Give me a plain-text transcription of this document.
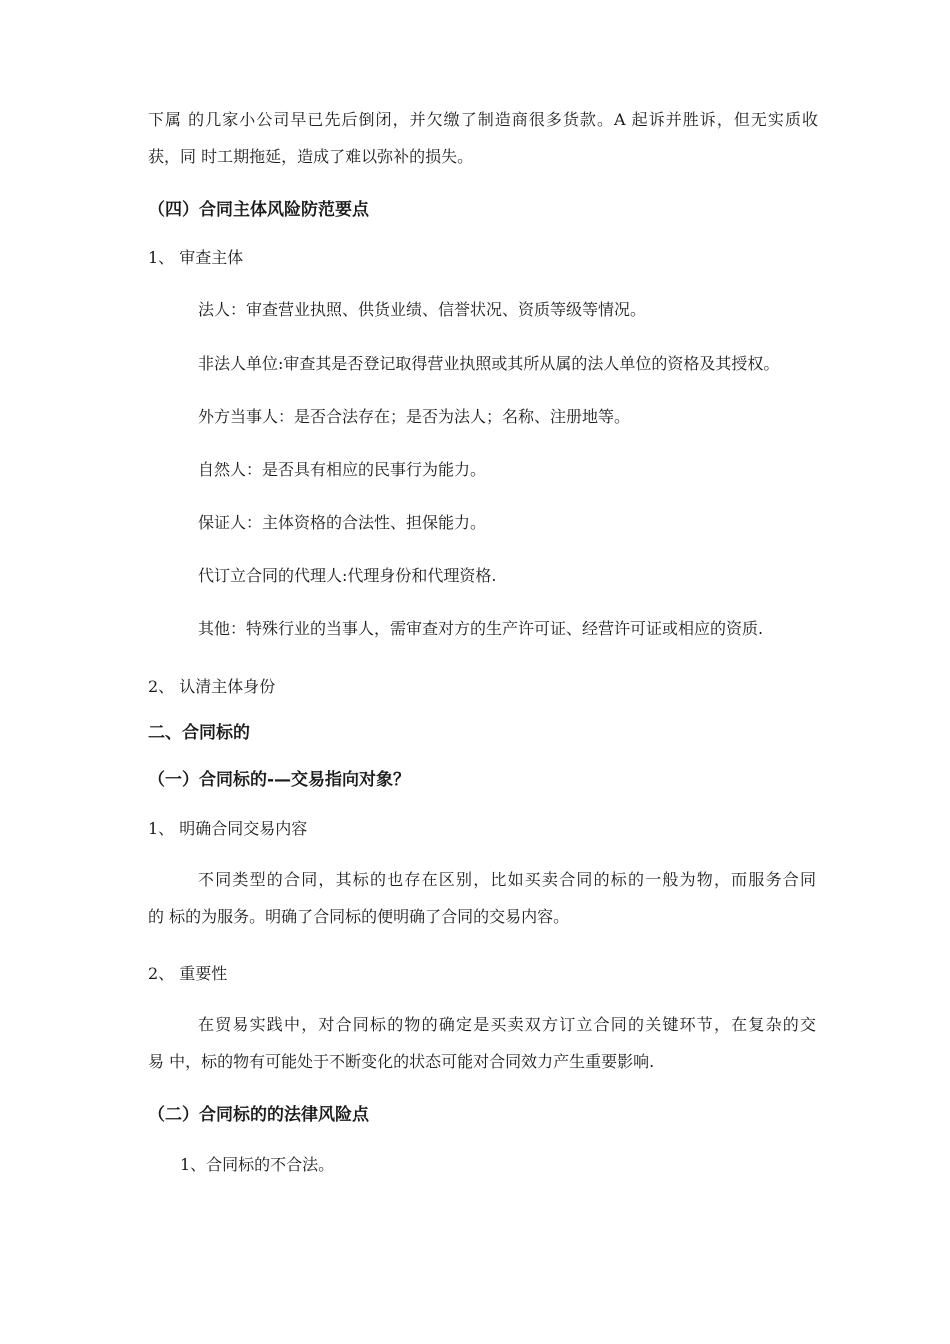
下属 的几家小公司早已先后倒闭，并欠缴了制造商很多货款。A 起诉并胜诉，但无实质收
获，同 时工期拖延，造成了难以弥补的损失。
（四）合同主体风险防范要点
1、 审查主体
法人：审查营业执照、供货业绩、信誉状况、资质等级等情况。
非法人单位:审查其是否登记取得营业执照或其所从属的法人单位的资格及其授权。
外方当事人：是否合法存在；是否为法人；名称、注册地等。
自然人：是否具有相应的民事行为能力。
保证人：主体资格的合法性、担保能力。
代订立合同的代理人:代理身份和代理资格.
其他：特殊行业的当事人，需审查对方的生产许可证、经营许可证或相应的资质.
2、 认清主体身份
二、合同标的
（一）合同标的-—交易指向对象？
1、 明确合同交易内容
不同类型的合同，其标的也存在区别，比如买卖合同的标的一般为物，而服务合同
的 标的为服务。明确了合同标的便明确了合同的交易内容。
2、 重要性
在贸易实践中，对合同标的物的确定是买卖双方订立合同的关键环节，在复杂的交
易 中，标的物有可能处于不断变化的状态可能对合同效力产生重要影响.
（二）合同标的的法律风险点
1、合同标的不合法。
